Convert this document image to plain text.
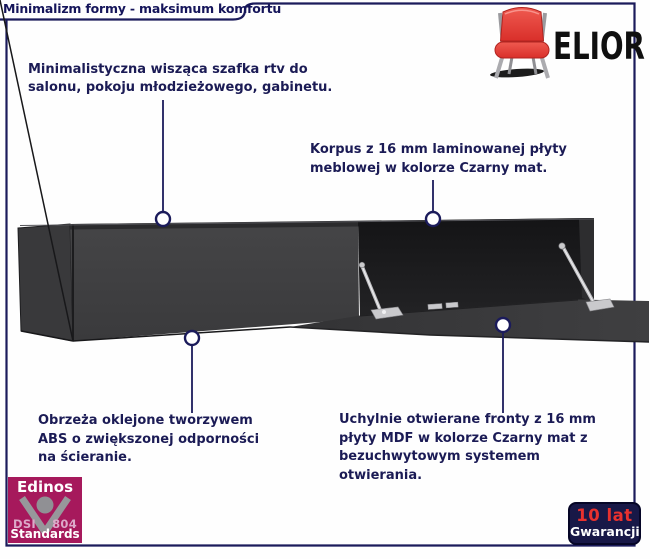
Minimalizm formy - maksimum komfortu
ELIOR
Minimalistyczna wisząca szafka rtv do
salonu, pokoju młodzieżowego, gabinetu.
Korpus z 16 mm laminowanej płyty
meblowej w kolorze Czarny mat.
Obrzeża oklejone tworzywem
ABS o zwiększonej odporności
na ścieranie.
Uchylnie otwierane fronty z 16 mm
płyty MDF w kolorze Czarny mat z
bezuchwytowym systemem
otwierania.
Edinos
DSI 804
Standards
10 lat
Gwarancji
